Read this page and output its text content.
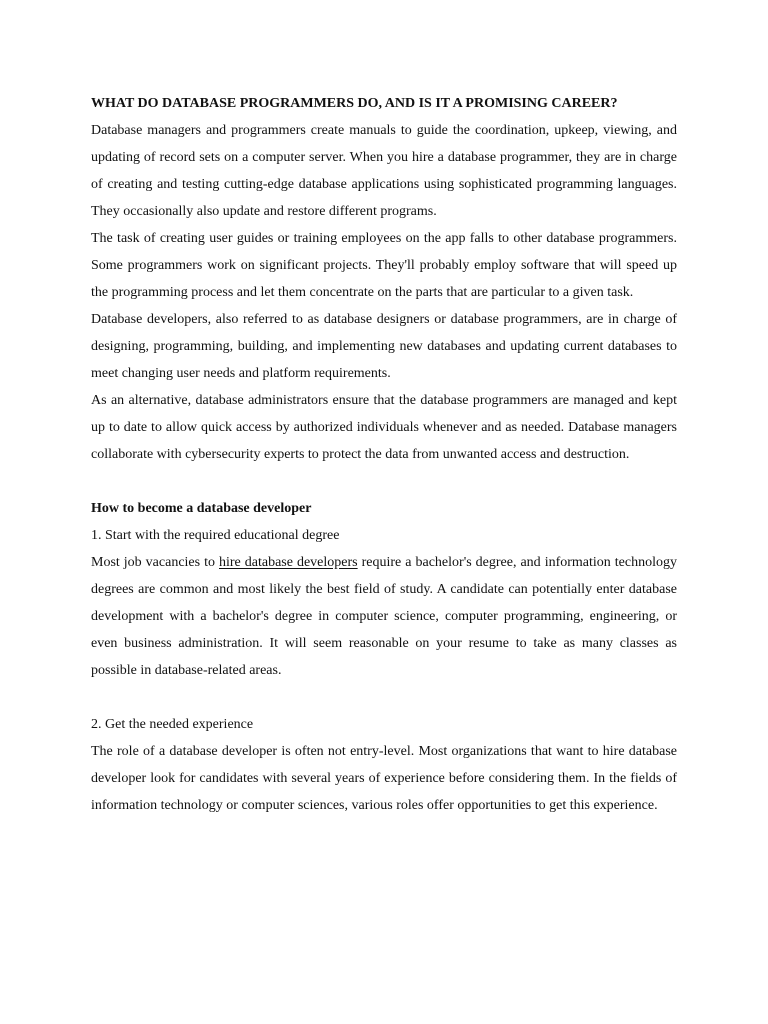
WHAT DO DATABASE PROGRAMMERS DO, AND IS IT A PROMISING CAREER?

Database managers and programmers create manuals to guide the coordination, upkeep, viewing, and updating of record sets on a computer server. When you hire a database programmer, they are in charge of creating and testing cutting-edge database applications using sophisticated programming languages. They occasionally also update and restore different programs.

The task of creating user guides or training employees on the app falls to other database programmers. Some programmers work on significant projects. They'll probably employ software that will speed up the programming process and let them concentrate on the parts that are particular to a given task.

Database developers, also referred to as database designers or database programmers, are in charge of designing, programming, building, and implementing new databases and updating current databases to meet changing user needs and platform requirements.

As an alternative, database administrators ensure that the database programmers are managed and kept up to date to allow quick access by authorized individuals whenever and as needed. Database managers collaborate with cybersecurity experts to protect the data from unwanted access and destruction.

How to become a database developer

1. Start with the required educational degree

Most job vacancies to hire database developers require a bachelor's degree, and information technology degrees are common and most likely the best field of study. A candidate can potentially enter database development with a bachelor's degree in computer science, computer programming, engineering, or even business administration. It will seem reasonable on your resume to take as many classes as possible in database-related areas.

2. Get the needed experience

The role of a database developer is often not entry-level. Most organizations that want to hire database developer look for candidates with several years of experience before considering them. In the fields of information technology or computer sciences, various roles offer opportunities to get this experience.
